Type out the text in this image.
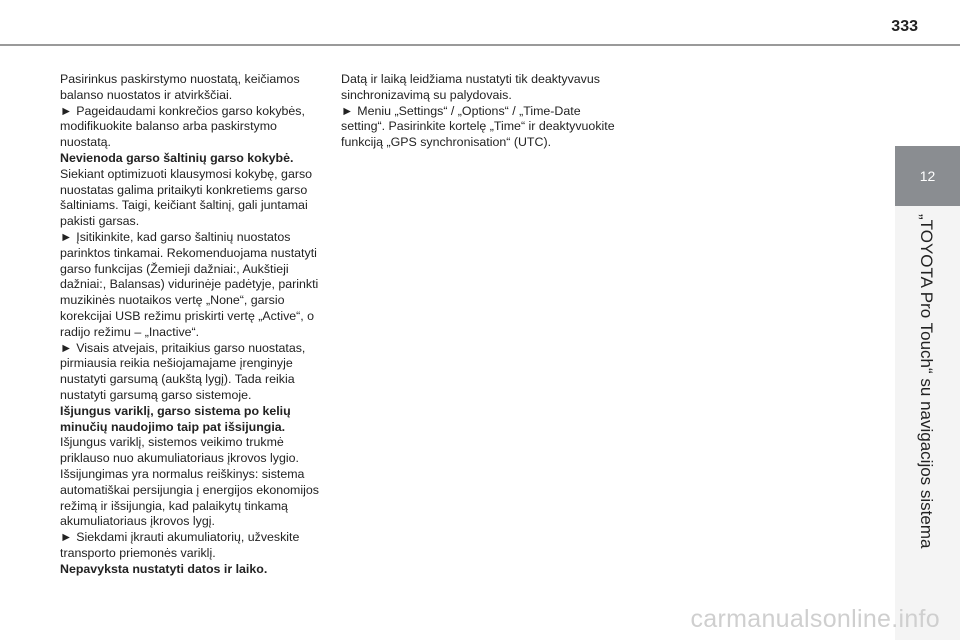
333

Pasirinkus paskirstymo nuostatą, keičiamos balanso nuostatos ir atvirkščiai.

► Pageidaudami konkrečios garso kokybės, modifikuokite balanso arba paskirstymo nuostatą.

Nevienoda garso šaltinių garso kokybė.

Siekiant optimizuoti klausymosi kokybę, garso nuostatas galima pritaikyti konkretiems garso šaltiniams. Taigi, keičiant šaltinį, gali juntamai pakisti garsas.

► Įsitikinkite, kad garso šaltinių nuostatos parinktos tinkamai. Rekomenduojama nustatyti garso funkcijas (Žemieji dažniai:, Aukštieji dažniai:, Balansas) vidurinėje padėtyje, parinkti muzikinės nuotaikos vertę „None“, garsio korekcijai USB režimu priskirti vertę „Active“, o radijo režimu – „Inactive“.

► Visais atvejais, pritaikius garso nuostatas, pirmiausia reikia nešiojamajame įrenginyje nustatyti garsumą (aukštą lygį). Tada reikia nustatyti garsumą garso sistemoje.

Išjungus variklį, garso sistema po kelių minučių naudojimo taip pat išsijungia.

Išjungus variklį, sistemos veikimo trukmė priklauso nuo akumuliatoriaus įkrovos lygio.

Išsijungimas yra normalus reiškinys: sistema automatiškai persijungia į energijos ekonomijos režimą ir išsijungia, kad palaikytų tinkamą akumuliatoriaus įkrovos lygį.

► Siekdami įkrauti akumuliatorių, užveskite transporto priemonės variklį.

Nepavyksta nustatyti datos ir laiko.

Datą ir laiką leidžiama nustatyti tik deaktyvavus sinchronizavimą su palydovais.

► Meniu „Settings“ / „Options“ / „Time-Date setting“. Pasirinkite kortelę „Time“ ir deaktyvuokite funkciją „GPS synchronisation“ (UTC).

12
„TOYOTA Pro Touch“ su navigacijos sistema
carmanualsonline.info
